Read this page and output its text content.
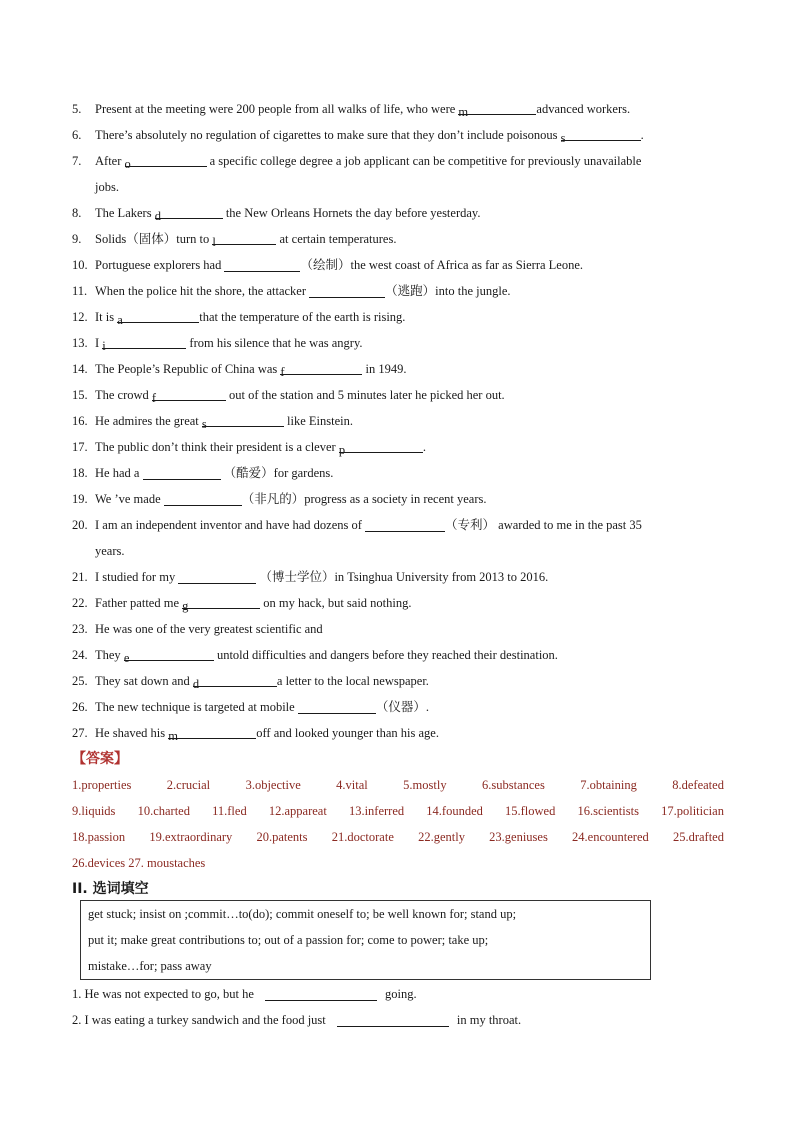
5. Present at the meeting were 200 people from all walks of life, who were m	advanced workers.
6. There’s absolutely no regulation of cigarettes to make sure that they don’t include poisonous s	.
7. After o	a specific college degree a job applicant can be competitive for previously unavailable
jobs.
8. The Lakers d	the New Orleans Hornets the day before yesterday.
9. Solids（固体）turn to l	at certain temperatures.
10. Portuguese explorers had	（绘制）the west coast of Africa as far as Sierra Leone.
11. When the police hit the shore, the attacker	（逃跑）into the jungle.
12. It is a	that the temperature of the earth is rising.
13. I i	from his silence that he was angry.
14. The People’s Republic of China was f	in 1949.
15. The crowd f	out of the station and 5 minutes later he picked her out.
16. He admires the great s	like Einstein.
17. The public don’t think their president is a clever p	.
18. He had a	（酷爱）for gardens.
19. We ’ve made	（非凡的）progress as a society in recent years.
20. I am an independent inventor and have had dozens of	（专利） awarded to me in the past 35
years.
21. I studied for my	（博士学位）in Tsinghua University from 2013 to 2016.
22. Father patted me g	on my hack, but said nothing.
23. He was one of the very greatest scientific and
24. They e	untold difficulties and dangers before they reached their destination.
25. They sat down and d	a letter to the local newspaper.
26. The new technique is targeted at mobile	（仪器）.
27. He shaved his m	off and looked younger than his age.
【答案】
1.properties	2.crucial	3.objective	4.vital	5.mostly	6.substances	7.obtaining	8.defeated
9.liquids 10.charted 11.fled 12.appareat 13.inferred 14.founded 15.flowed 16.scientists 17.politician
18.passion 19.extraordinary 20.patents 21.doctorate 22.gently 23.geniuses 24.encountered 25.drafted
26.devices 27. moustaches
II. 选词填空
get stuck; insist on ;commit…to(do); commit oneself to; be well known for; stand up;
put it; make great contributions to; out of a passion for; come to power; take up;
mistake…for; pass away
1. He was not expected to go, but he	going.
2. I was eating a turkey sandwich and the food just	in my throat.
